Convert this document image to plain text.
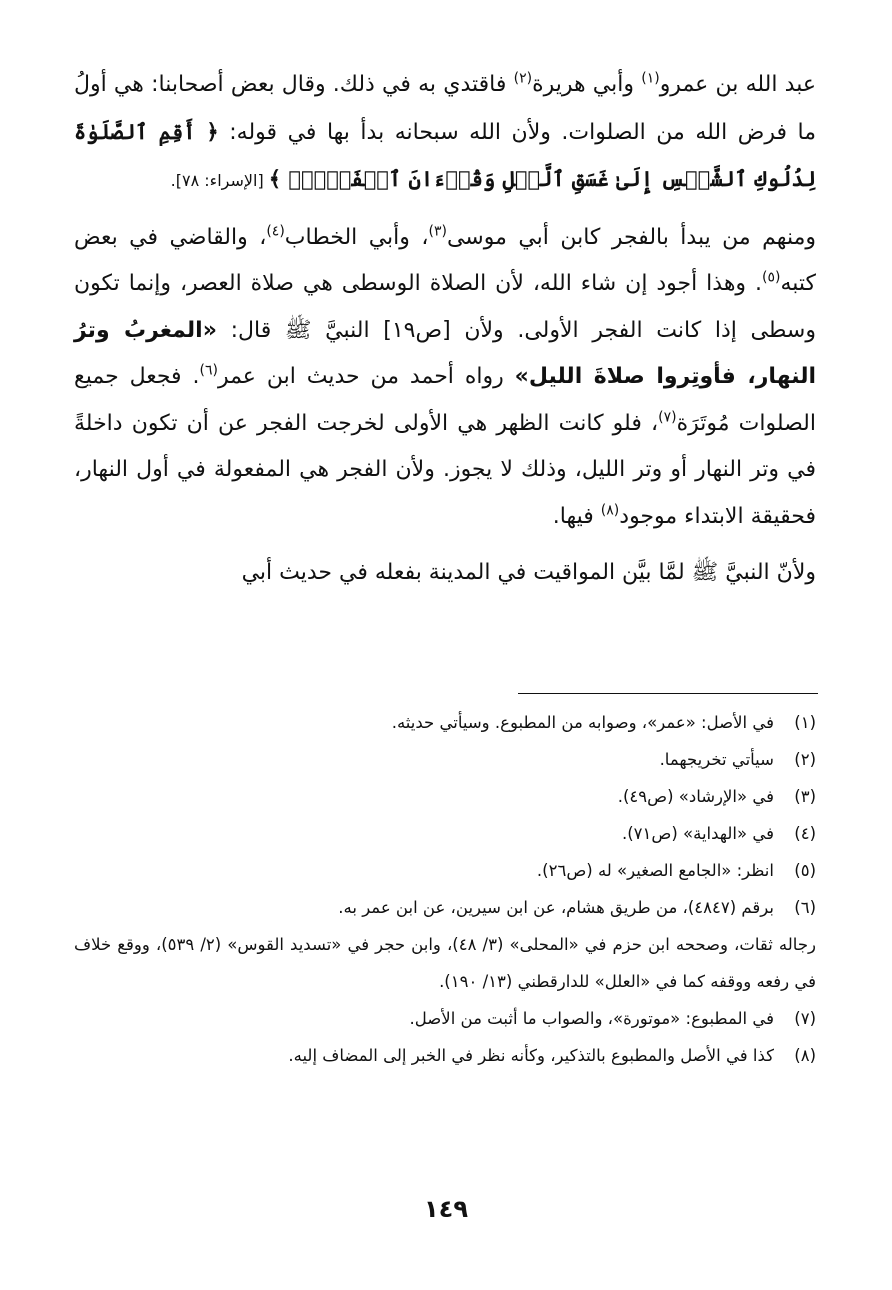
عبد الله بن عمرو$^{(١)}$ وأبي هريرة$^{(٢)}$ فاقتدي به في ذلك. وقال بعض أصحابنا: هي أولُ ما فرض الله من الصلوات. ولأن الله سبحانه بدأ بها في قوله: ﴿ أَقِمِ ٱلصَّلَوٰةَ لِدُلُوكِ ٱلشَّمۡسِ إِلَىٰ غَسَقِ ٱلَّيۡلِ وَقُرۡءَانَ ٱلۡفَجۡرِۖ ﴾ [الإسراء: ٧٨].

ومنهم من يبدأ بالفجر كابن أبي موسى$^{(٣)}$، وأبي الخطاب$^{(٤)}$، والقاضي في بعض كتبه$^{(٥)}$. وهذا أجود إن شاء الله، لأن الصلاة الوسطى هي صلاة العصر، وإنما تكون وسطى إذا كانت الفجر الأولى. ولأن [ص١٩] النبيَّ ﷺ قال: «المغربُ وترُ النهار، فأوتِروا صلاةَ الليل» رواه أحمد من حديث ابن عمر$^{(٦)}$. فجعل جميع الصلوات مُوتَرَة$^{(٧)}$، فلو كانت الظهر هي الأولى لخرجت الفجر عن أن تكون داخلةً في وتر النهار أو وتر الليل، وذلك لا يجوز. ولأن الفجر هي المفعولة في أول النهار، فحقيقة الابتداء موجود$^{(٨)}$ فيها.

ولأنّ النبيَّ ﷺ لمَّا بيَّن المواقيت في المدينة بفعله في حديث أبي

(١)
في الأصل: «عمر»، وصوابه من المطبوع. وسيأتي حديثه.
(٢)
سيأتي تخريجهما.
(٣)
في «الإرشاد» (ص٤٩).
(٤)
في «الهداية» (ص٧١).
(٥)
انظر: «الجامع الصغير» له (ص٢٦).
(٦)
برقم (٤٨٤٧)، من طريق هشام، عن ابن سيرين، عن ابن عمر به.
رجاله ثقات، وصححه ابن حزم في «المحلى» (٣/ ٤٨)، وابن حجر في «تسديد القوس» (٢/ ٥٣٩)، ووقع خلاف في رفعه ووقفه كما في «العلل» للدارقطني (١٣/ ١٩٠).
(٧)
في المطبوع: «موتورة»، والصواب ما أثبت من الأصل.
(٨)
كذا في الأصل والمطبوع بالتذكير، وكأنه نظر في الخبر إلى المضاف إليه.
١٤٩
